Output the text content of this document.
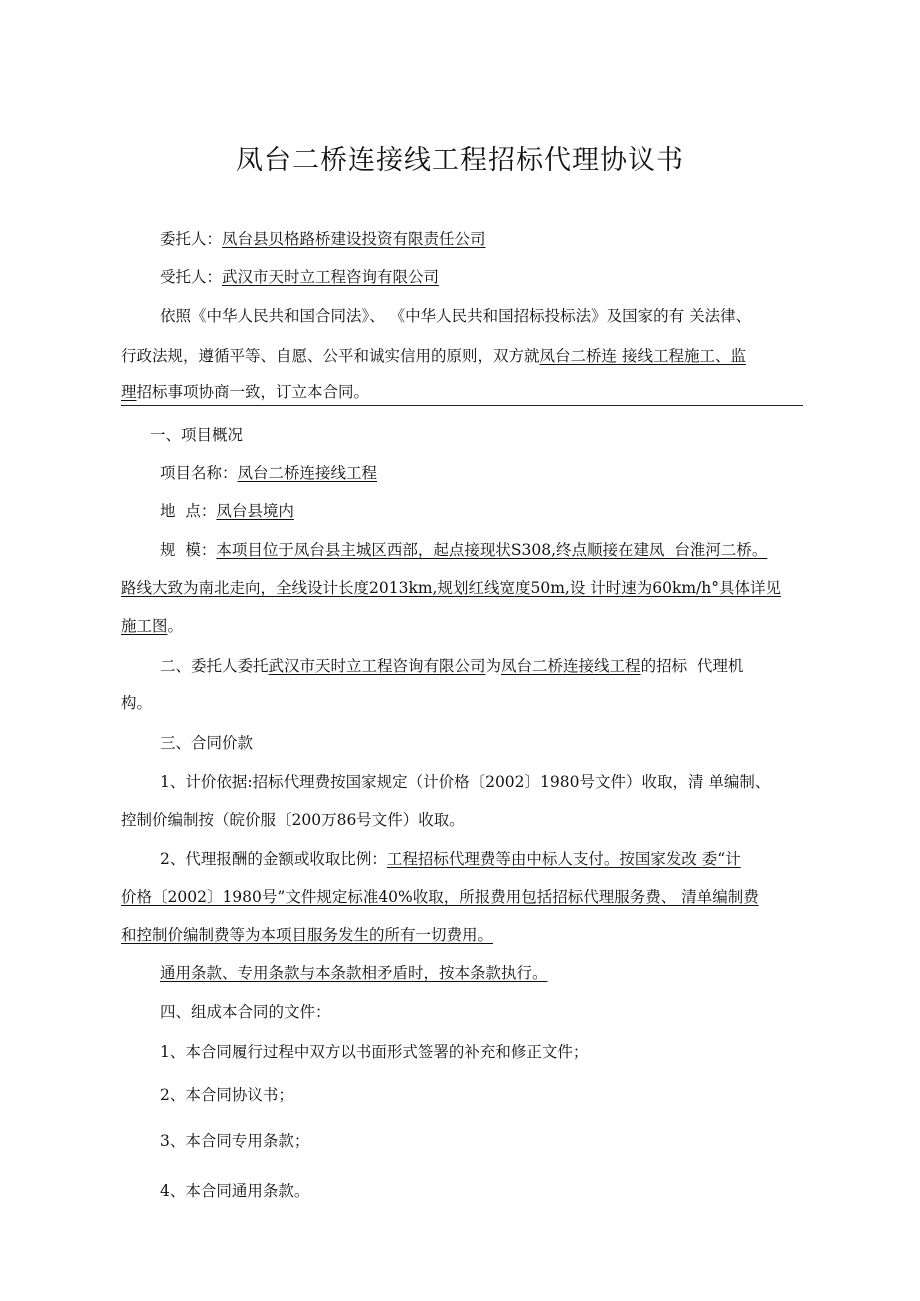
凤台二桥连接线工程招标代理协议书
委托人：凤台县贝格路桥建设投资有限责任公司
受托人：武汉市天时立工程咨询有限公司
依照《中华人民共和国合同法》、 《中华人民共和国招标投标法》及国家的有 关法律、
行政法规，遵循平等、自愿、公平和诚实信用的原则，双方就凤台二桥连 接线工程施工、监
理招标事项协商一致，订立本合同。
一、项目概况
项目名称：凤台二桥连接线工程
地  点：凤台县境内
规  模：本项目位于凤台县主城区西部，起点接现状S308,终点顺接在建凤  台淮河二桥。
路线大致为南北走向，全线设计长度2013km,规划红线宽度50m,设 计时速为60km/h°具体详见
施工图。
二、委托人委托武汉市天时立工程咨询有限公司为凤台二桥连接线工程的招标  代理机
构。
三、合同价款
1、计价依据:招标代理费按国家规定（计价格〔2002〕1980号文件）收取，清 单编制、
控制价编制按（皖价服〔200万86号文件）收取。
2、代理报酬的金额或收取比例：工程招标代理费等由中标人支付。按国家发改 委“计
价格〔2002〕1980号”文件规定标准40%收取，所报费用包括招标代理服务费、 清单编制费
和控制价编制费等为本项目服务发生的所有一切费用。
通用条款、专用条款与本条款相矛盾时，按本条款执行。
四、组成本合同的文件：
1、本合同履行过程中双方以书面形式签署的补充和修正文件；
2、本合同协议书；
3、本合同专用条款；
4、本合同通用条款。
